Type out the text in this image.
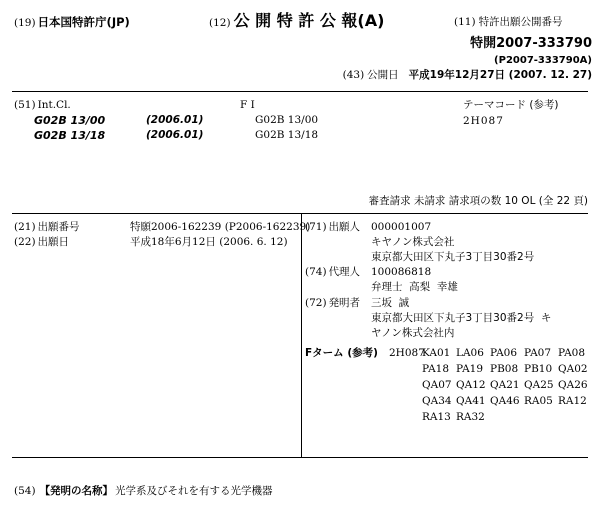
(19) 日本国特許庁(JP)	(12) 公 開 特 許 公 報(A)	(11) 特許出願公開番号
特開2007-333790
(P2007-333790A)
(43) 公開日 平成19年12月27日 (2007. 12. 27)
(51) Int.Cl.	F I	テーマコード (参考)
2H087
G02B 13/00	(2006.01)	G02B 13/00
G02B 13/18	(2006.01)	G02B 13/18
審査請求 未請求 請求項の数 10 OL (全 22 頁)
(21) 出願番号	特願2006-162239 (P2006-162239)
(22) 出願日	平成18年6月12日 (2006. 6. 12)
(71) 出願人 000001007
キヤノン株式会社
東京都大田区下丸子3丁目30番2号
(74) 代理人 100086818
弁理士  高梨  幸雄
(72) 発明者 三坂  誠
東京都大田区下丸子3丁目30番2号  キ
ヤノン株式会社内
Fターム (参考) 2H087
KA01 LA06 PA06 PA07 PA08
PA18 PA19 PB08 PB10 QA02
QA07 QA12 QA21 QA25 QA26
QA34 QA41 QA46 RA05 RA12
RA13 RA32
(54) 【発明の名称】 光学系及びそれを有する光学機器
